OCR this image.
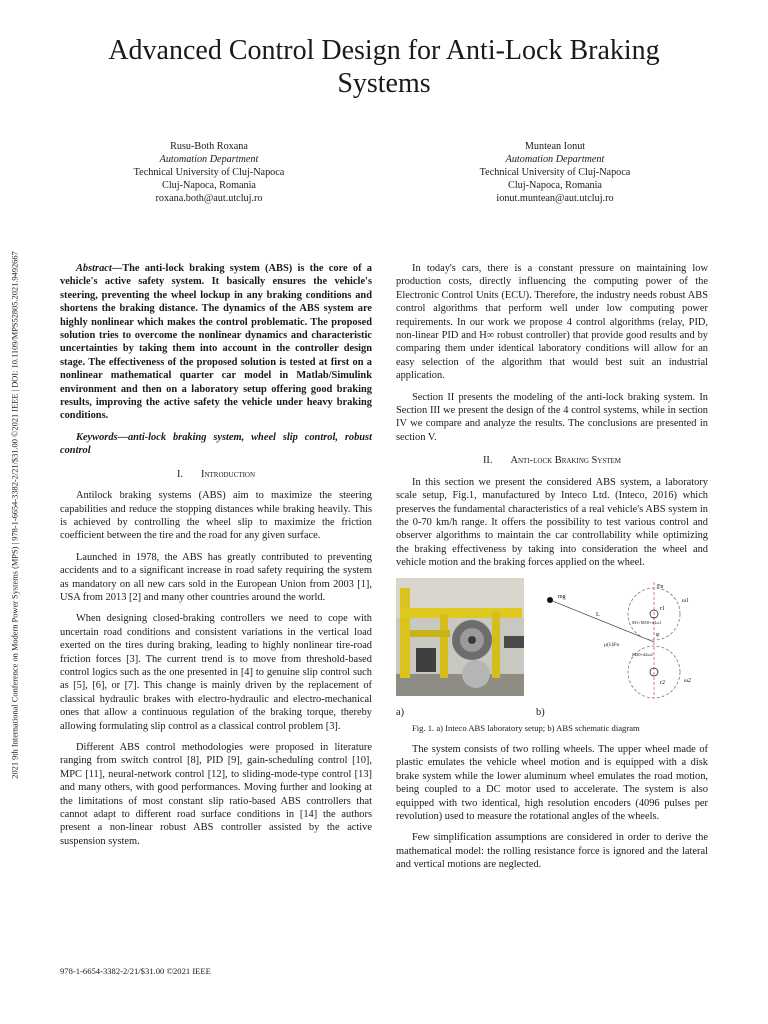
Advanced Control Design for Anti-Lock Braking Systems
Rusu-Both Roxana
Automation Department
Technical University of Cluj-Napoca
Cluj-Napoca, Romania
roxana.both@aut.utcluj.ro
Muntean Ionut
Automation Department
Technical University of Cluj-Napoca
Cluj-Napoca, Romania
ionut.muntean@aut.utcluj.ro
2021 9th International Conference on Modern Power Systems (MPS) | 978-1-6654-3382-2/21/$31.00 ©2021 IEEE | DOI: 10.1109/MPS52805.2021.9492667	Abstract—The anti-lock braking system (ABS) is the core of a vehicle's active safety system. It basically ensures the vehicle's steering, preventing the wheel lockup in any braking conditions and shortens the braking distance. The dynamics of the ABS system are highly nonlinear which makes the control problematic. The proposed solution tries to overcome the nonlinear dynamics and characteristic uncertainties by taking them into account in the controller design stage. The effectiveness of the proposed solution is tested at first on a nonlinear mathematical quarter car model in Matlab/Simulink environment and then on a laboratory setup offering good braking results, improving the active safety the vehicle under heavy braking conditions.

Keywords—anti-lock braking system, wheel slip control, robust control

I. Introduction

Antilock braking systems (ABS) aim to maximize the steering capabilities and reduce the stopping distances while braking heavily. This is achieved by controlling the wheel slip to maximize the friction coefficient between the tire and the road for any given surface.

Launched in 1978, the ABS has greatly contributed to preventing accidents and to a significant increase in road safety requiring the system as mandatory on all new cars sold in the European Union from 2003 [1], USA from 2013 [2] and many other countries around the world.

When designing closed-braking controllers we need to cope with uncertain road conditions and consistent variations in the vertical load exerted on the tires during braking, leading to highly nonlinear tire-road friction forces [3]. The current trend is to move from threshold-based control logics such as the one presented in [4] to genuine slip control such as [5], [6], or [7]. This change is mainly driven by the replacement of classical hydraulic brakes with electro-hydraulic and electro-mechanical ones that allow a continuous regulation of the braking torque, thereby allowing formulating slip control as a classical control problem [3].

Different ABS control methodologies were proposed in literature ranging from switch control [8], PID [9], gain-scheduling control [10], MPC [11], neural-network control [12], to sliding-mode-type control [13] and many others, with good performances. Moving further and looking at the limitations of most constant slip ratio-based ABS controllers that cannot adapt to different road surface conditions in [14] the authors present a non-linear robust ABS controller assisted by the active suspension system.

In today's cars, there is a constant pressure on maintaining low production costs, directly influencing the computing power of the Electronic Control Units (ECU). Therefore, the industry needs robust ABS control algorithms that perform well under low computing power requirements. In our work we propose 4 control algorithms (relay, PID, non-linear PID and H∞ robust controller) that provide good results and by comparing them under identical laboratory conditions will allow for an easy selection of the algorithm that would best suit an industrial application.

Section II presents the modeling of the anti-lock braking system. In Section III we present the design of the 4 control systems, while in section IV we compare and analyze the results. The conclusions are presented in section V.

II. Anti-lock Braking System

In this section we present the considered ABS system, a laboratory scale setup, Fig.1, manufactured by Inteco Ltd. (Inteco, 2016) which preserves the fundamental characteristics of a real vehicle's ABS system in the 0-70 km/h range. It offers the possibility to test various control and observer algorithms to maintain the car controllability while optimizing the braking effectiveness by taking into consideration the wheel and vehicle motion and the braking forces applied on the wheel.

mg
L
Fn
r1
ω1
μ(λ)Fn
φ
M1+M10+d1ω1
M20+d2ω2
r2	ω2
a)	b)

Fig. 1. a) Inteco ABS laboratory setup; b) ABS schematic diagram

The system consists of two rolling wheels. The upper wheel made of plastic emulates the vehicle wheel motion and is equipped with a disk brake system while the lower aluminum wheel emulates the road motion, being coupled to a DC motor used to accelerate. The system is also equipped with two identical, high resolution encoders (4096 pulses per revolution) used to measure the rotational angles of the wheels.

Few simplification assumptions are considered in order to derive the mathematical model: the rolling resistance force is ignored and the lateral and vertical motions are neglected.

978-1-6654-3382-2/21/$31.00 ©2021 IEEE
